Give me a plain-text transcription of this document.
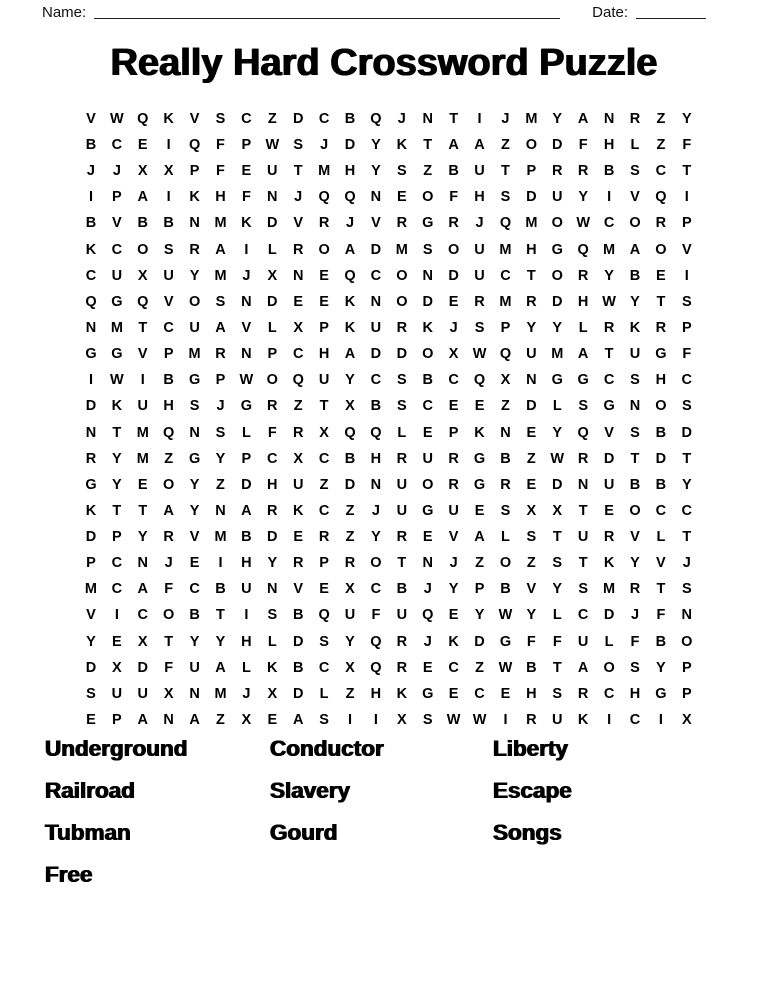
Name:	Date:
Really Hard Crossword Puzzle
V W Q	K	V	S	C	Z	D	C	B	Q	J	N	T	I	J	M	Y	A	N	R	Z	Y
B	C	E	I	Q	F	P W S	J	D	Y	K	T	A	A	Z	O	D	F	H	L	Z	F
J	J	X	X	P	F	E	U	T	M	H	Y	S	Z	B	U	T	P	R	R	B	S	C	T
I	P	A	I	K	H	F	N	J	Q	Q	N	E	O	F	H	S	D	U	Y	I	V	Q	I
B	V	B	B	N	M	K	D	V	R	J	V	R	G	R	J	Q M O W C	O	R	P
K	C	O	S	R	A	I	L	R	O	A	D	M	S	O	U	M	H	G	Q M	A	O	V
C	U	X	U	Y	M	J	X	N	E	Q	C	O	N	D	U	C	T	O	R	Y	B	E	I
Q	G	Q	V	O	S	N	D	E	E	K	N	O	D	E	R	M	R	D	H W Y	T	S
N	M	T	C	U	A	V	L	X	P	K	U	R	K	J	S	P	Y	Y	L	R	K	R	P
G	G	V	P	M	R	N	P	C	H	A	D	D	O	X W Q	U	M	A	T	U	G	F
I	W	I	B	G	P W O	Q	U	Y	C	S	B	C	Q	X	N	G	G	C	S	H	C
D	K	U	H	S	J	G	R	Z	T	X	B	S	C	E	E	Z	D	L	S	G	N	O	S
N	T	M Q	N	S	L	F	R	X	Q	Q	L	E	P	K	N	E	Y	Q	V	S	B	D
R	Y	M	Z	G	Y	P	C	X	C	B	H	R	U	R	G	B	Z	W R	D	T	D	T
G	Y	E	O	Y	Z	D	H	U	Z	D	N	U	O	R	G	R	E	D	N	U	B	B	Y
K	T	T	A	Y	N	A	R	K	C	Z	J	U	G	U	E	S	X	X	T	E	O	C	C
D	P	Y	R	V	M	B	D	E	R	Z	Y	R	E	V	A	L	S	T	U	R	V	L	T
P	C	N	J	E	I	H	Y	R	P	R	O	T	N	J	Z	O	Z	S	T	K	Y	V	J
M	C	A	F	C	B	U	N	V	E	X	C	B	J	Y	P	B	V	Y	S	M	R	T	S
V	I	C	O	B	T	I	S	B	Q	U	F	U	Q	E	Y W Y	L	C	D	J	F	N
Y	E	X	T	Y	Y	H	L	D	S	Y	Q	R	J	K	D	G	F	F	U	L	F	B	O
D	X	D	F	U	A	L	K	B	C	X	Q	R	E	C	Z	W B	T	A	O	S	Y	P
S	U	U	X	N	M	J	X	D	L	Z	H	K	G	E	C	E	H	S	R	C	H	G	P
E	P	A	N	A	Z	X	E	A	S	I	I	X	S W W	I	R	U	K	I	C	I	X
Underground
Railroad
Tubman
Free
Conductor
Slavery
Gourd
Liberty
Escape
Songs
